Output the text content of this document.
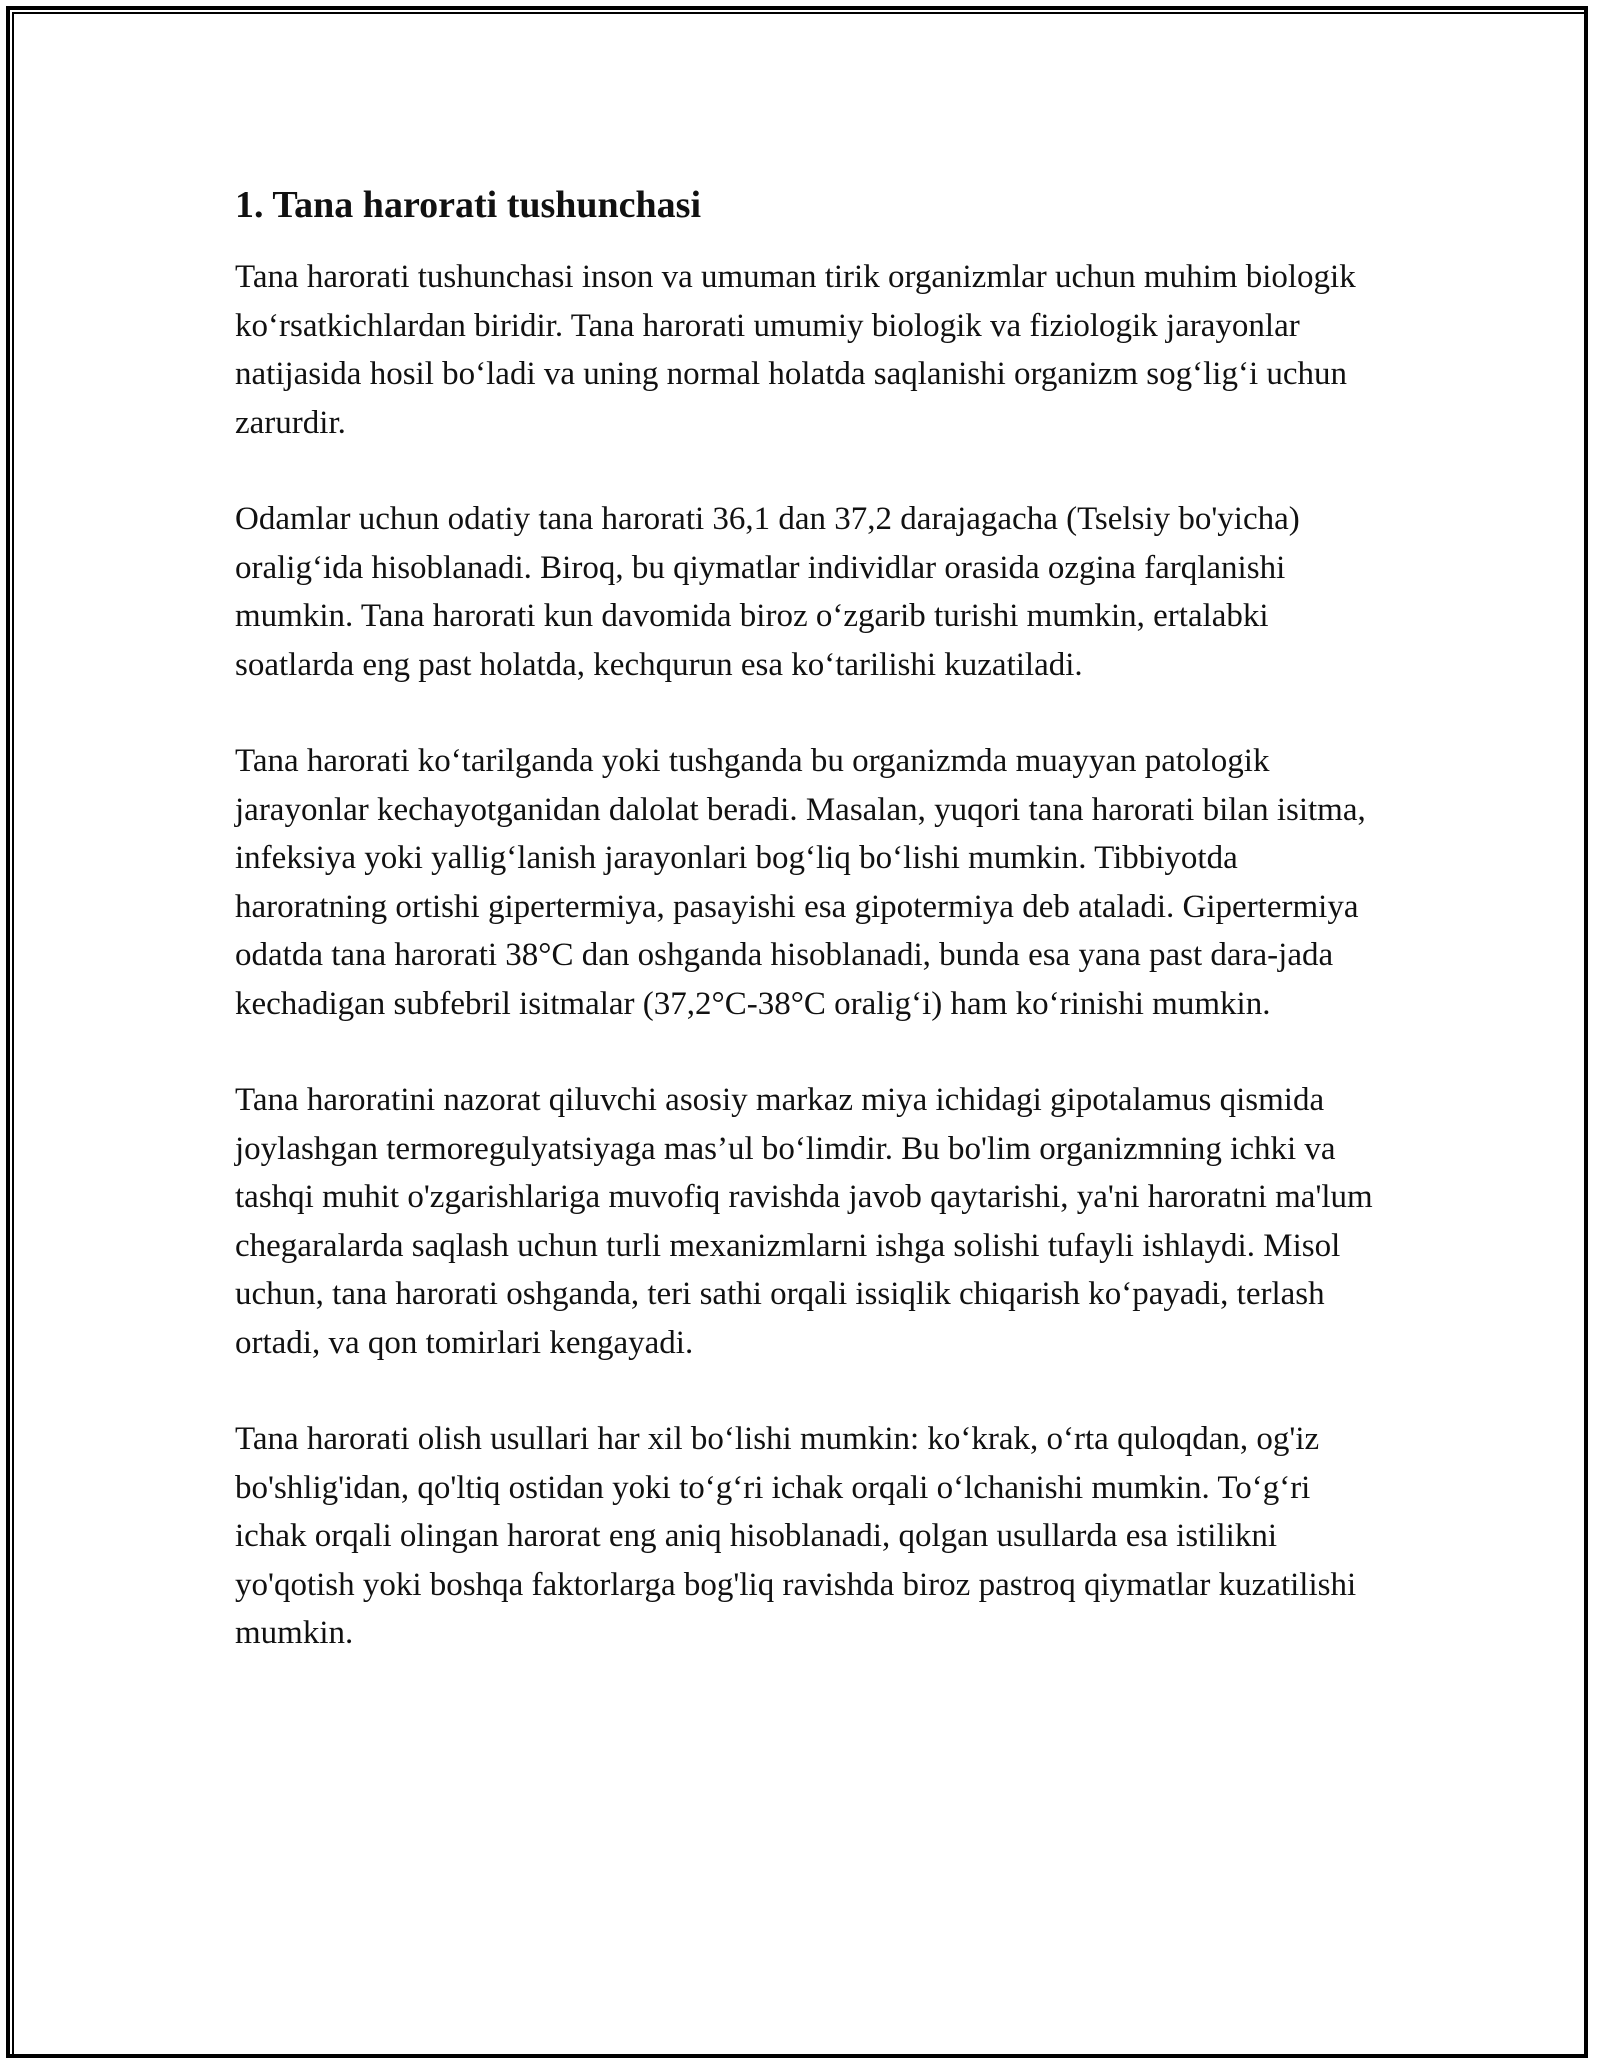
1. Tana harorati tushunchasi

Tana harorati tushunchasi inson va umuman tirik organizmlar uchun muhim biologik ko‘rsatkichlardan biridir. Tana harorati umumiy biologik va fiziologik jarayonlar natijasida hosil bo‘ladi va uning normal holatda saqlanishi organizm sog‘lig‘i uchun zarurdir.

Odamlar uchun odatiy tana harorati 36,1 dan 37,2 darajagacha (Tselsiy bo'yicha) oralig‘ida hisoblanadi. Biroq, bu qiymatlar individlar orasida ozgina farqlanishi mumkin. Tana harorati kun davomida biroz o‘zgarib turishi mumkin, ertalabki soatlarda eng past holatda, kechqurun esa ko‘tarilishi kuzatiladi.

Tana harorati ko‘tarilganda yoki tushganda bu organizmda muayyan patologik jarayonlar kechayotganidan dalolat beradi. Masalan, yuqori tana harorati bilan isitma, infeksiya yoki yallig‘lanish jarayonlari bog‘liq bo‘lishi mumkin. Tibbiyotda haroratning ortishi gipertermiya, pasayishi esa gipotermiya deb ataladi. Gipertermiya odatda tana harorati 38°C dan oshganda hisoblanadi, bunda esa yana past dara-jada kechadigan subfebril isitmalar (37,2°C-38°C oralig‘i) ham ko‘rinishi mumkin.

Tana haroratini nazorat qiluvchi asosiy markaz miya ichidagi gipotalamus qismida joylashgan termoregulyatsiyaga mas’ul bo‘limdir. Bu bo'lim organizmning ichki va tashqi muhit o'zgarishlariga muvofiq ravishda javob qaytarishi, ya'ni haroratni ma'lum chegaralarda saqlash uchun turli mexanizmlarni ishga solishi tufayli ishlaydi. Misol uchun, tana harorati oshganda, teri sathi orqali issiqlik chiqarish ko‘payadi, terlash ortadi, va qon tomirlari kengayadi.

Tana harorati olish usullari har xil bo‘lishi mumkin: ko‘krak, o‘rta quloqdan, og'iz bo'shlig'idan, qo'ltiq ostidan yoki to‘g‘ri ichak orqali o‘lchanishi mumkin. To‘g‘ri ichak orqali olingan harorat eng aniq hisoblanadi, qolgan usullarda esa istilikni yo'qotish yoki boshqa faktorlarga bog'liq ravishda biroz pastroq qiymatlar kuzatilishi mumkin.
